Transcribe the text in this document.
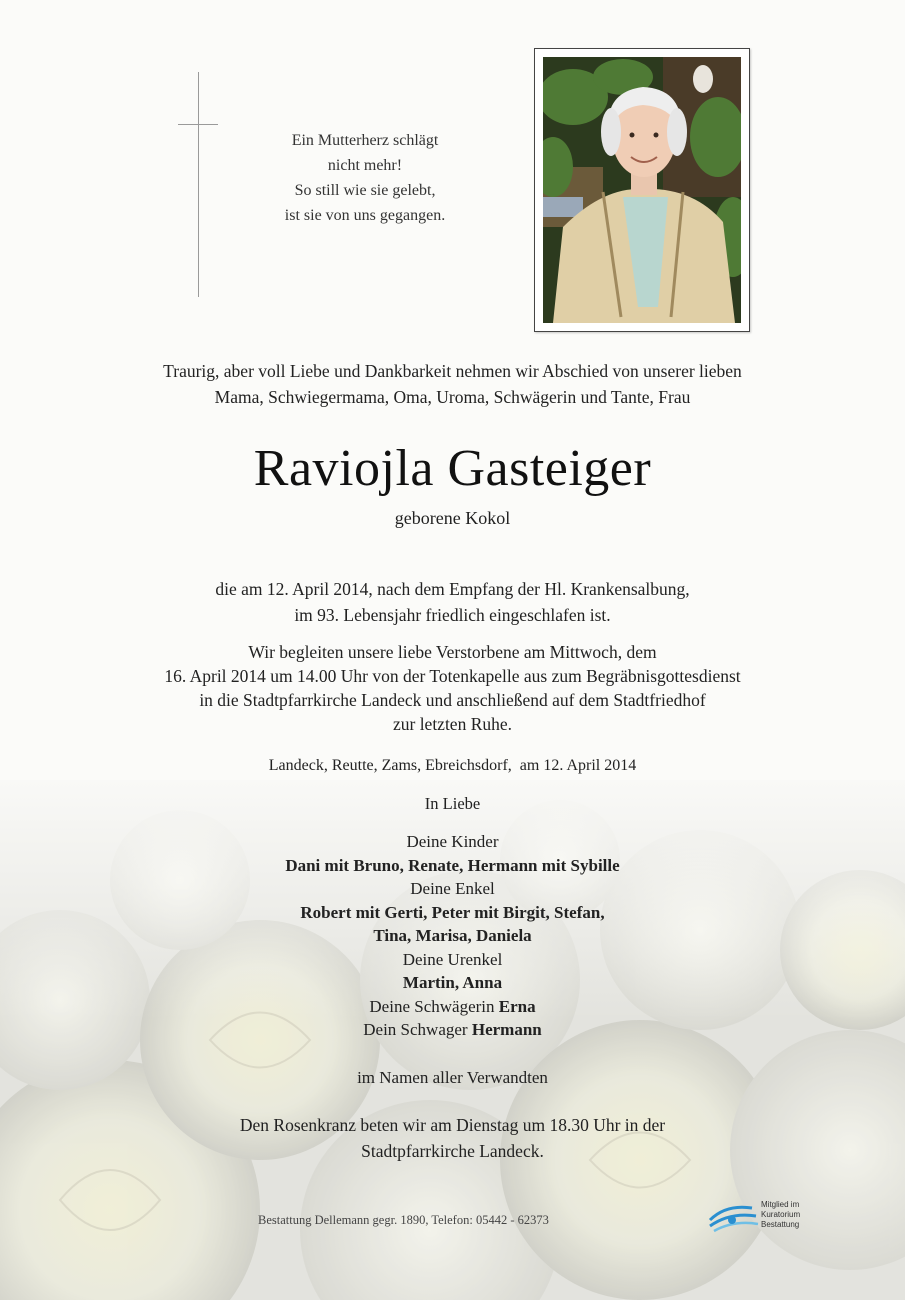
Ein Mutterherz schlägt
nicht mehr!
So still wie sie gelebt,
ist sie von uns gegangen.
Traurig, aber voll Liebe und Dankbarkeit nehmen wir Abschied von unserer lieben
Mama, Schwiegermama, Oma, Uroma, Schwägerin und Tante, Frau
Raviojla Gasteiger
geborene Kokol
die am 12. April 2014, nach dem Empfang der Hl. Krankensalbung,
im 93. Lebensjahr friedlich eingeschlafen ist.
Wir begleiten unsere liebe Verstorbene am Mittwoch, dem
16. April 2014 um 14.00 Uhr von der Totenkapelle aus zum Begräbnisgottesdienst
in die Stadtpfarrkirche Landeck und anschließend auf dem Stadtfriedhof
zur letzten Ruhe.
Landeck, Reutte, Zams, Ebreichsdorf,  am 12. April 2014
In Liebe
Deine Kinder
Dani mit Bruno, Renate, Hermann mit Sybille
Deine Enkel
Robert mit Gerti, Peter mit Birgit, Stefan,
Tina, Marisa, Daniela
Deine Urenkel
Martin, Anna
Deine Schwägerin Erna
Dein Schwager Hermann
im Namen aller Verwandten
Den Rosenkranz beten wir am Dienstag um 18.30 Uhr in der
Stadtpfarrkirche Landeck.
Bestattung Dellemann gegr. 1890, Telefon: 05442 - 62373
Mitglied im
Kuratorium Bestattung
